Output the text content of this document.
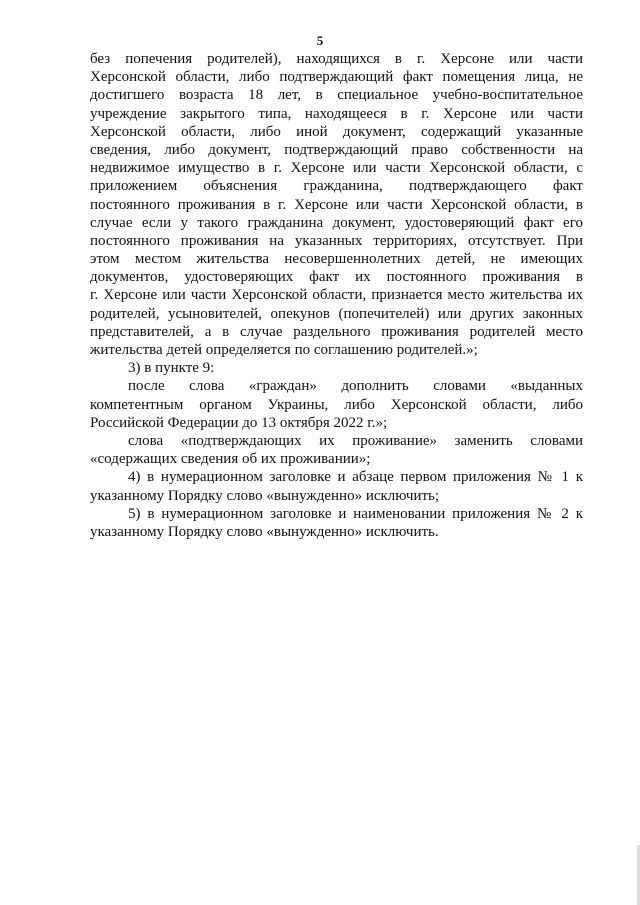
5
без попечения родителей), находящихся в г. Херсоне или части
Херсонской области, либо подтверждающий факт помещения лица, не
достигшего возраста 18 лет, в специальное учебно-воспитательное
учреждение закрытого типа, находящееся в г. Херсоне или части
Херсонской области, либо иной документ, содержащий указанные
сведения, либо документ, подтверждающий право собственности на
недвижимое имущество в г. Херсоне или части Херсонской области, с
приложением объяснения гражданина, подтверждающего факт
постоянного проживания в г. Херсоне или части Херсонской области, в
случае если у такого гражданина документ, удостоверяющий факт его
постоянного проживания на указанных территориях, отсутствует. При
этом местом жительства несовершеннолетних детей, не имеющих
документов, удостоверяющих факт их постоянного проживания в
г. Херсоне или части Херсонской области, признается место жительства их
родителей, усыновителей, опекунов (попечителей) или других законных
представителей, а в случае раздельного проживания родителей место
жительства детей определяется по соглашению родителей.»;
3) в пункте 9:
после слова «граждан» дополнить словами «выданных
компетентным органом Украины, либо Херсонской области, либо
Российской Федерации до 13 октября 2022 г.»;
слова «подтверждающих их проживание» заменить словами
«содержащих сведения об их проживании»;
4) в нумерационном заголовке и абзаце первом приложения № 1 к
указанному Порядку слово «вынужденно» исключить;
5) в нумерационном заголовке и наименовании приложения № 2 к
указанному Порядку слово «вынужденно» исключить.
